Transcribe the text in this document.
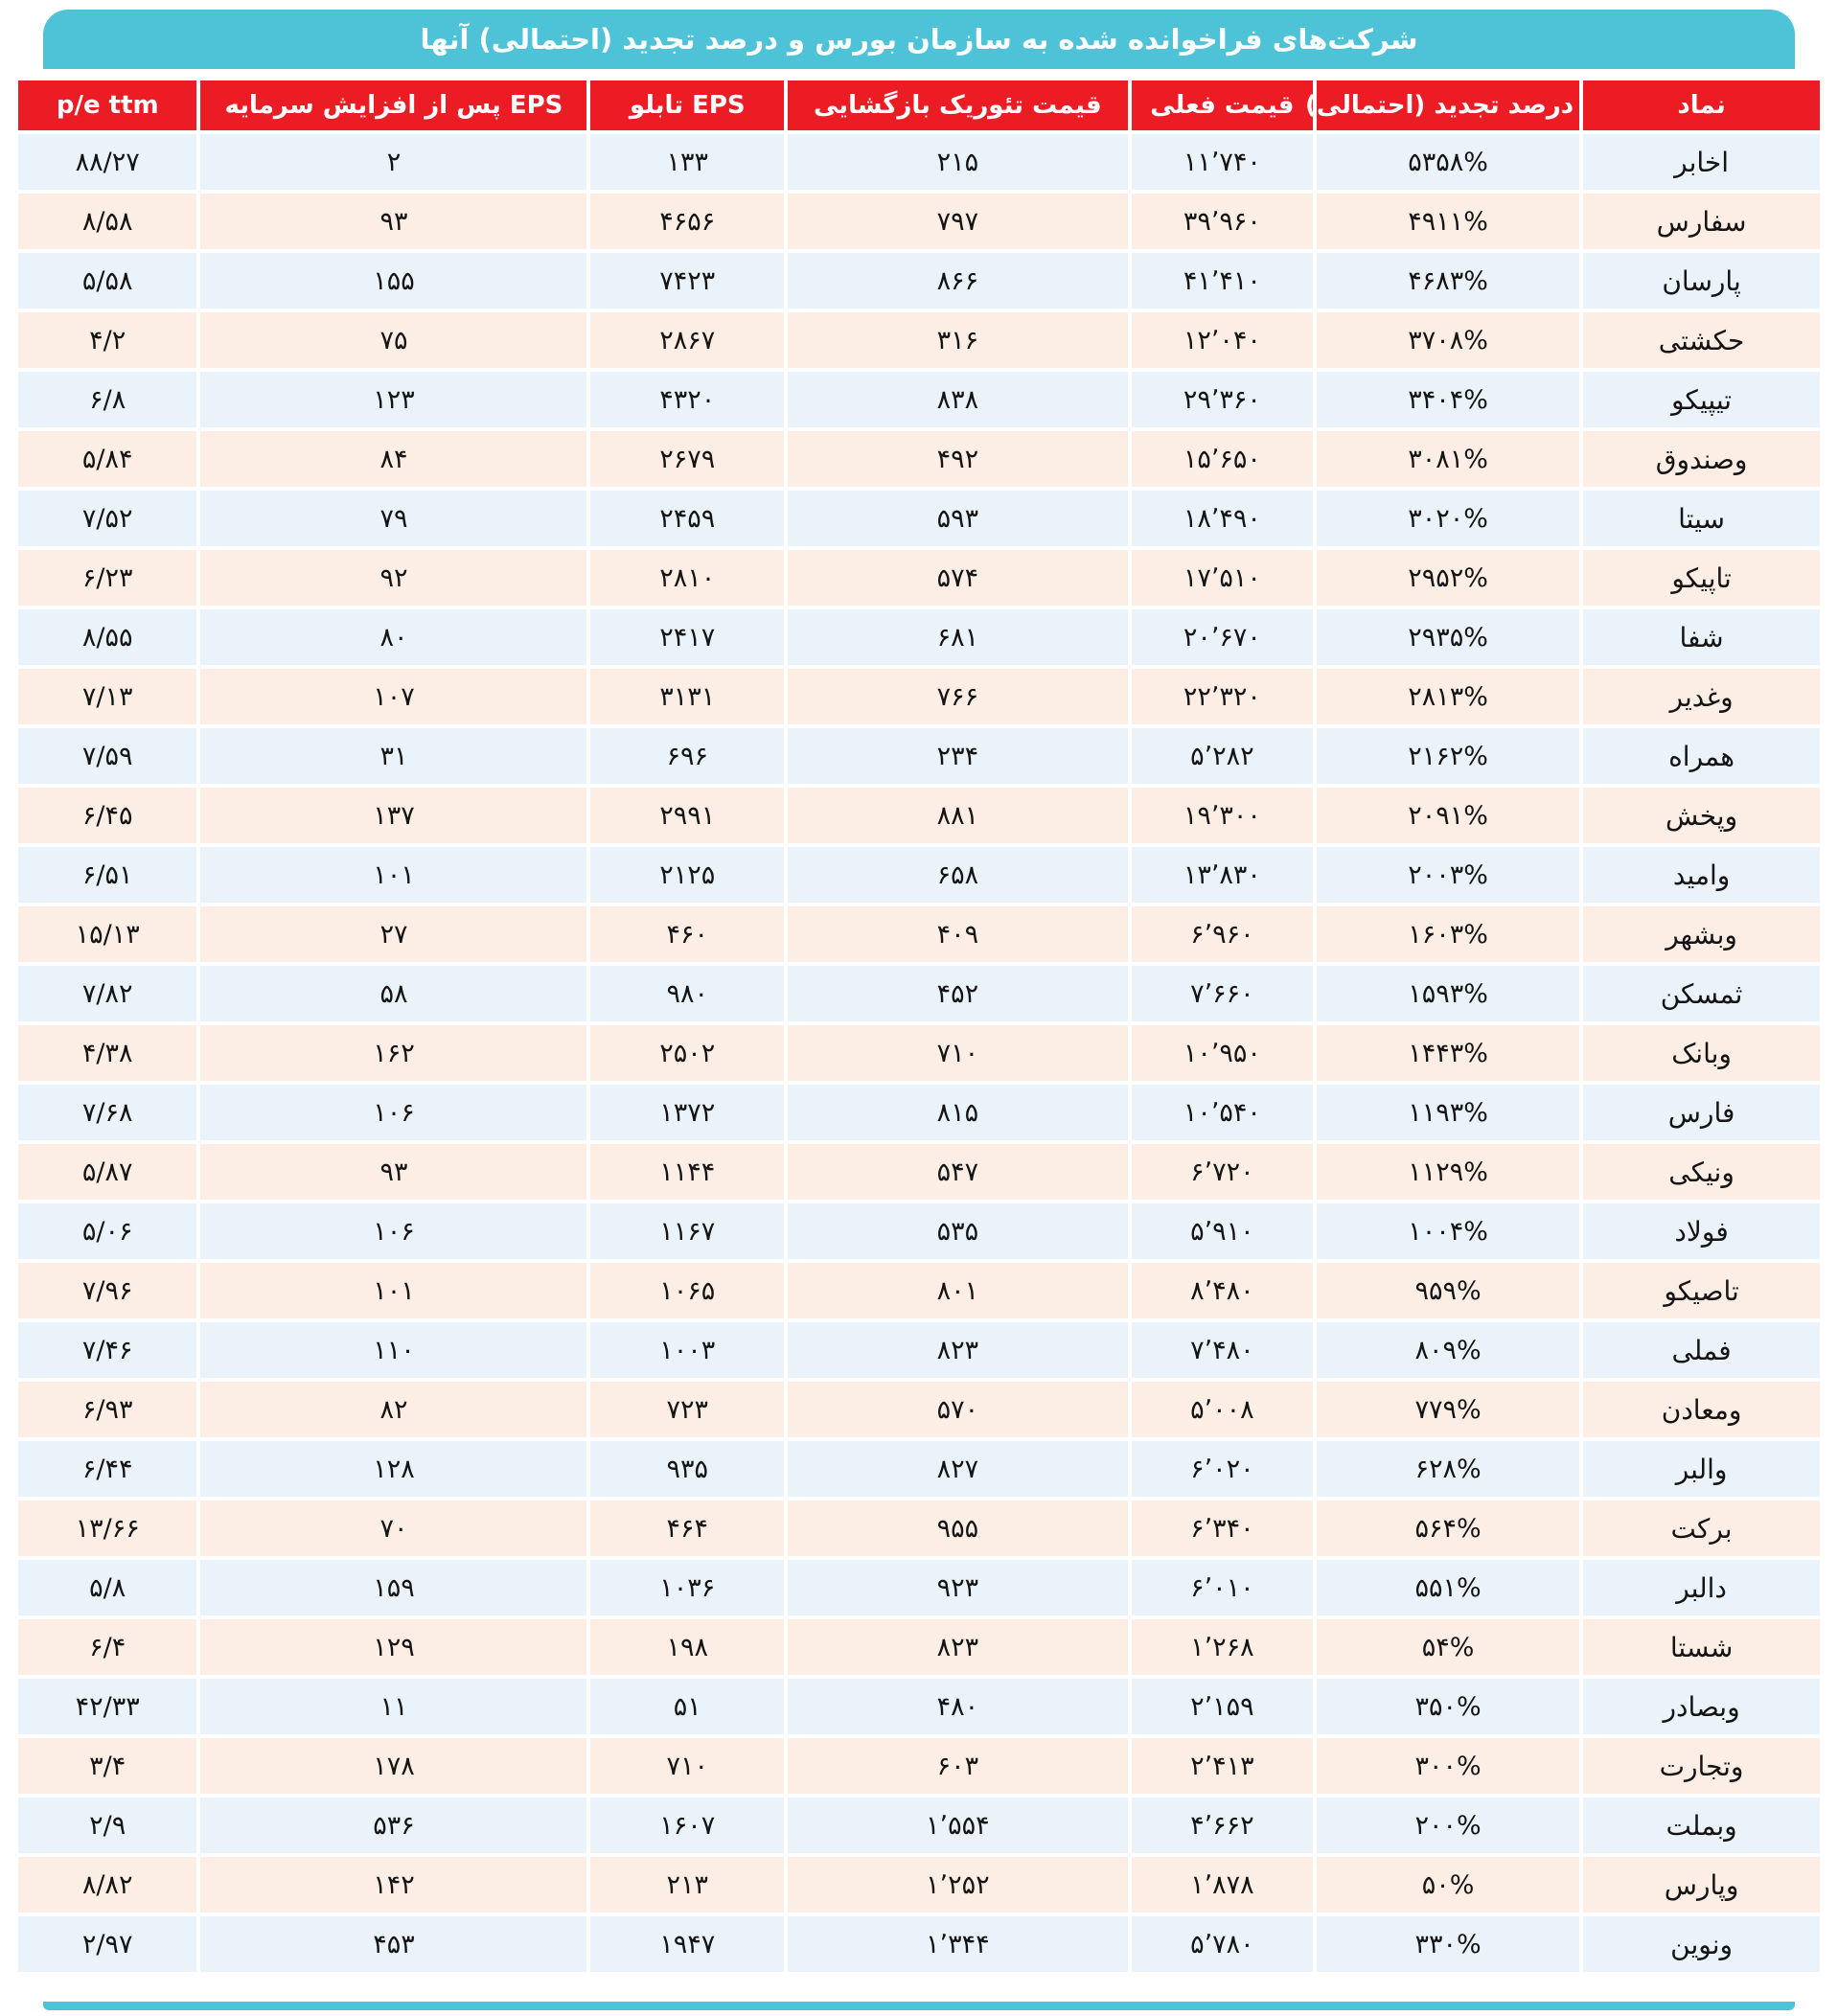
شرکت‌های فراخوانده شده به سازمان بورس و درصد تجدید (احتمالی) آنها
نماد	درصد تجدید (احتمالی)	قیمت فعلی	قیمت تئوریک بازگشایی	EPS تابلو	EPS پس از افزایش سرمایه	p/e ttm
اخابر	۵۳۵۸%	۱۱٬۷۴۰	۲۱۵	۱۳۳	۲	۸۸/۲۷
سفارس	۴۹۱۱%	۳۹٬۹۶۰	۷۹۷	۴۶۵۶	۹۳	۸/۵۸
پارسان	۴۶۸۳%	۴۱٬۴۱۰	۸۶۶	۷۴۲۳	۱۵۵	۵/۵۸
حکشتی	۳۷۰۸%	۱۲٬۰۴۰	۳۱۶	۲۸۶۷	۷۵	۴/۲
تیپیکو	۳۴۰۴%	۲۹٬۳۶۰	۸۳۸	۴۳۲۰	۱۲۳	۶/۸
وصندوق	۳۰۸۱%	۱۵٬۶۵۰	۴۹۲	۲۶۷۹	۸۴	۵/۸۴
سیتا	۳۰۲۰%	۱۸٬۴۹۰	۵۹۳	۲۴۵۹	۷۹	۷/۵۲
تاپیکو	۲۹۵۲%	۱۷٬۵۱۰	۵۷۴	۲۸۱۰	۹۲	۶/۲۳
شفا	۲۹۳۵%	۲۰٬۶۷۰	۶۸۱	۲۴۱۷	۸۰	۸/۵۵
وغدیر	۲۸۱۳%	۲۲٬۳۲۰	۷۶۶	۳۱۳۱	۱۰۷	۷/۱۳
همراه	۲۱۶۲%	۵٬۲۸۲	۲۳۴	۶۹۶	۳۱	۷/۵۹
وپخش	۲۰۹۱%	۱۹٬۳۰۰	۸۸۱	۲۹۹۱	۱۳۷	۶/۴۵
وامید	۲۰۰۳%	۱۳٬۸۳۰	۶۵۸	۲۱۲۵	۱۰۱	۶/۵۱
وبشهر	۱۶۰۳%	۶٬۹۶۰	۴۰۹	۴۶۰	۲۷	۱۵/۱۳
ثمسکن	۱۵۹۳%	۷٬۶۶۰	۴۵۲	۹۸۰	۵۸	۷/۸۲
وبانک	۱۴۴۳%	۱۰٬۹۵۰	۷۱۰	۲۵۰۲	۱۶۲	۴/۳۸
فارس	۱۱۹۳%	۱۰٬۵۴۰	۸۱۵	۱۳۷۲	۱۰۶	۷/۶۸
ونیکی	۱۱۲۹%	۶٬۷۲۰	۵۴۷	۱۱۴۴	۹۳	۵/۸۷
فولاد	۱۰۰۴%	۵٬۹۱۰	۵۳۵	۱۱۶۷	۱۰۶	۵/۰۶
تاصیکو	۹۵۹%	۸٬۴۸۰	۸۰۱	۱۰۶۵	۱۰۱	۷/۹۶
فملی	۸۰۹%	۷٬۴۸۰	۸۲۳	۱۰۰۳	۱۱۰	۷/۴۶
ومعادن	۷۷۹%	۵٬۰۰۸	۵۷۰	۷۲۳	۸۲	۶/۹۳
والبر	۶۲۸%	۶٬۰۲۰	۸۲۷	۹۳۵	۱۲۸	۶/۴۴
برکت	۵۶۴%	۶٬۳۴۰	۹۵۵	۴۶۴	۷۰	۱۳/۶۶
دالبر	۵۵۱%	۶٬۰۱۰	۹۲۳	۱۰۳۶	۱۵۹	۵/۸
شستا	۵۴%	۱٬۲۶۸	۸۲۳	۱۹۸	۱۲۹	۶/۴
وبصادر	۳۵۰%	۲٬۱۵۹	۴۸۰	۵۱	۱۱	۴۲/۳۳
وتجارت	۳۰۰%	۲٬۴۱۳	۶۰۳	۷۱۰	۱۷۸	۳/۴
وبملت	۲۰۰%	۴٬۶۶۲	۱٬۵۵۴	۱۶۰۷	۵۳۶	۲/۹
وپارس	۵۰%	۱٬۸۷۸	۱٬۲۵۲	۲۱۳	۱۴۲	۸/۸۲
ونوین	۳۳۰%	۵٬۷۸۰	۱٬۳۴۴	۱۹۴۷	۴۵۳	۲/۹۷
